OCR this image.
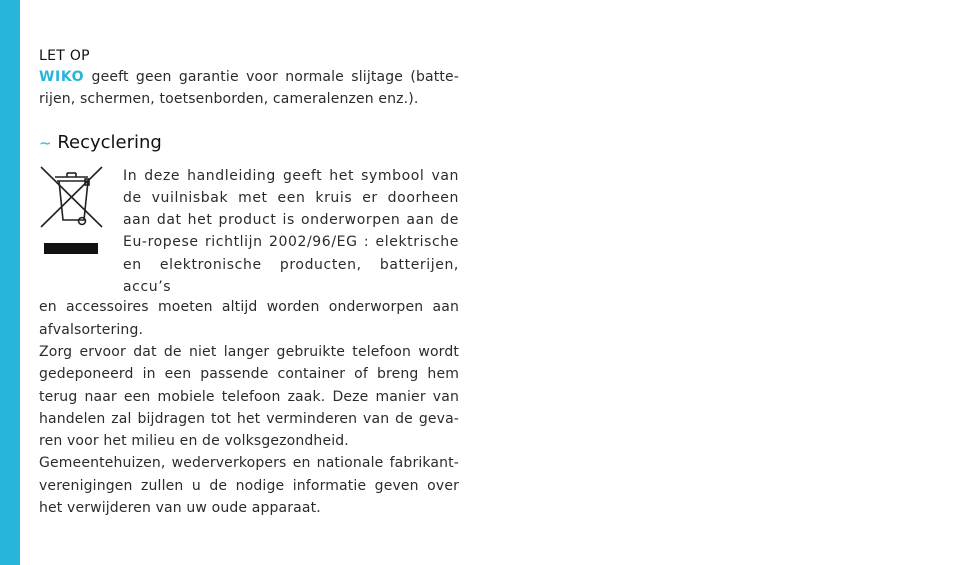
LET OP

WIKO geeft geen garantie voor normale slijtage (batte-rijen, schermen, toetsenborden, cameralenzen enz.).

~ Recyclering

In deze handleiding geeft het symbool van de vuilnisbak met een kruis er doorheen aan dat het product is onderworpen aan de Eu-ropese richtlijn 2002/96/EG : elektrische en elektronische producten, batterijen, accu’s

en accessoires moeten altijd worden onderworpen aan afvalsortering.

Zorg ervoor dat de niet langer gebruikte telefoon wordt gedeponeerd in een passende container of breng hem terug naar een mobiele telefoon zaak. Deze manier van handelen zal bijdragen tot het verminderen van de geva-ren voor het milieu en de volksgezondheid.

Gemeentehuizen, wederverkopers en nationale fabrikant-verenigingen zullen u de nodige informatie geven over het verwijderen van uw oude apparaat.
